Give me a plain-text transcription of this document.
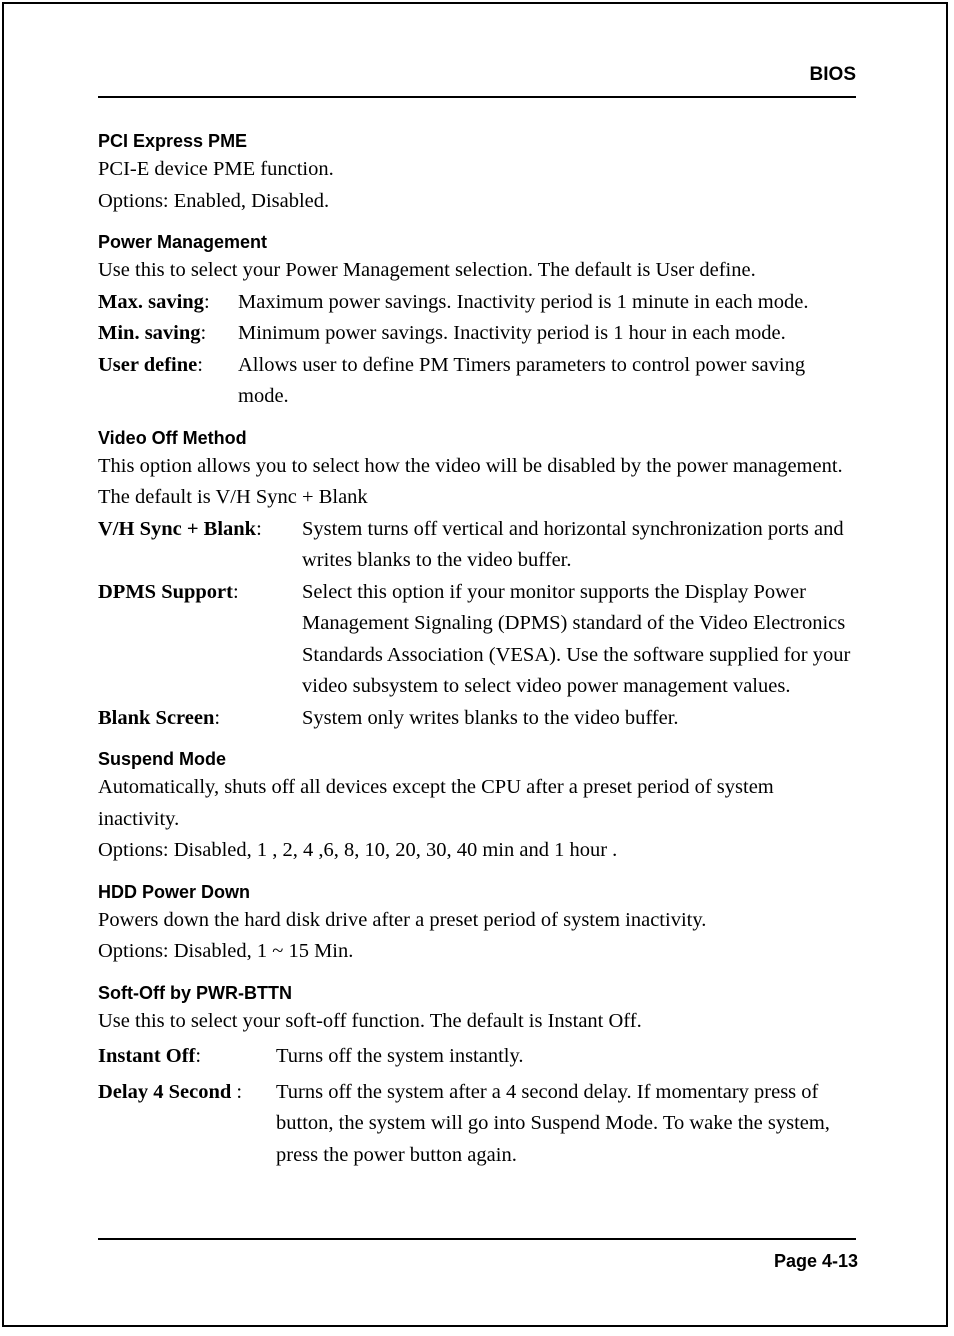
BIOS
PCI Express PME

PCI-E device PME function.

Options: Enabled, Disabled.

Power Management

Use this to select your Power Management selection. The default is User define.

Max. saving:	Maximum power savings. Inactivity period is 1 minute in each mode.
Min. saving:	Minimum power savings. Inactivity period is 1 hour in each mode.
User define:	Allows user to define PM Timers parameters to control power saving mode.
Video Off Method

This option allows you to select how the video will be disabled by the power management. The default is V/H Sync + Blank

V/H Sync + Blank:	System turns off vertical and horizontal synchronization ports and writes blanks to the video buffer.
DPMS Support:	Select this option if your monitor supports the Display Power Management Signaling (DPMS) standard of the Video Electronics Standards Association (VESA). Use the software supplied for your video subsystem to select video power management values.
Blank Screen:	System only writes blanks to the video buffer.
Suspend Mode

Automatically, shuts off all devices except the CPU after a preset period of system inactivity.

Options: Disabled, 1 , 2, 4 ,6, 8, 10, 20, 30, 40 min and 1 hour .

HDD Power Down

Powers down the hard disk drive after a preset period of system inactivity.

Options: Disabled, 1 ~ 15 Min.

Soft-Off by PWR-BTTN

Use this to select your soft-off function. The default is Instant Off.

Instant Off:	Turns off the system instantly.
Delay 4 Second :	Turns off the system after a 4 second delay. If momentary press of button, the system will go into Suspend Mode. To wake the system, press the power button again.
Page 4-13
